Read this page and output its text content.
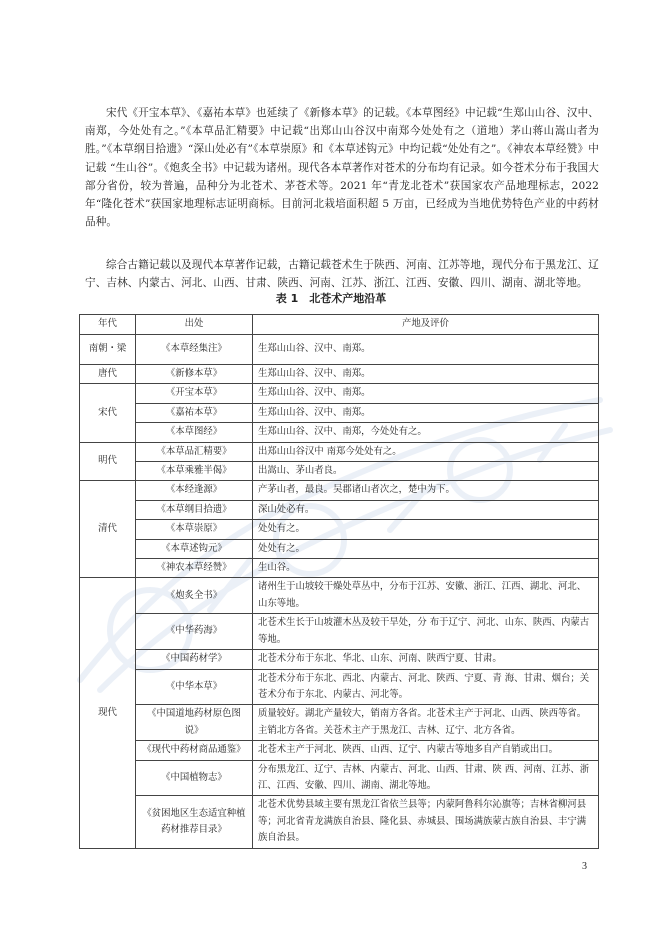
宋代《开宝本草》、《嘉祐本草》也延续了《新修本草》的记载。《本草图经》中记载“生郑山山谷、汉中、南郑，今处处有之。”《本草品汇精要》中记载“出郑山山谷汉中南郑今处处有之（道地）茅山蒋山嵩山者为胜。”《本草纲目拾遗》“深山处必有”《本草崇原》和《本草述钩元》中均记载“处处有之”。《神农本草经赞》中记载 “生山谷”。《炮炙全书》中记载为诸州。现代各本草著作对苍术的分布均有记录。如今苍术分布于我国大部分省份，较为普遍，品种分为北苍术、茅苍术等。2021 年“青龙北苍术”获国家农产品地理标志，2022 年“隆化苍术”获国家地理标志证明商标。目前河北栽培面积超 5 万亩，已经成为当地优势特色产业的中药材品种。

综合古籍记载以及现代本草著作记载，古籍记载苍术生于陕西、河南、江苏等地，现代分布于黑龙江、辽宁、吉林、内蒙古、河北、山西、甘肃、陕西、河南、江苏、浙江、江西、安徽、四川、湖南、湖北等地。

表 1　北苍术产地沿革
年代	出处	产地及评价
南朝・梁	《本草经集注》	生郑山山谷、汉中、南郑。
唐代	《新修本草》	生郑山山谷、汉中、南郑。
宋代	《开宝本草》	生郑山山谷、汉中、南郑。
	《嘉祐本草》	生郑山山谷、汉中、南郑。
	《本草图经》	生郑山山谷、汉中、南郑，今处处有之。
明代	《本草品汇精要》	出郑山山谷汉中 南郑今处处有之。
	《本草乘雅半偈》	出嵩山、茅山者良。
清代	《本经逢源》	产茅山者，最良。吴郡诸山者次之，楚中为下。
	《本草纲目拾遗》	深山处必有。
	《本草崇原》	处处有之。
	《本草述钩元》	处处有之。
	《神农本草经赞》	生山谷。
现代	《炮炙全书》	诸州生于山坡较干燥处草丛中，分布于江苏、安徽、浙江、江西、湖北、河北、山东等地。
	《中华药海》	北苍术生长于山坡灌木丛及较干旱处，分 布于辽宁、河北、山东、陕西、内蒙古等地。
	《中国药材学》	北苍术分布于东北、华北、山东、河南、陕西宁夏、甘肃。
	《中华本草》	北苍术分布于东北、西北、内蒙古、河北、陕西、宁夏、青 海、甘肃、烟台；关苍术分布于东北、内蒙古、河北等。
	《中国道地药材原色图说》	质量较好。湖北产量较大，销南方各省。北苍术主产于河北、山西、陕西等省。主销北方各省。关苍术主产于黑龙江、吉林、辽宁、北方各省。
	《现代中药材商品通鉴》	北苍术主产于河北、陕西、山西、辽宁、内蒙古等地多自产自销或出口。
	《中国植物志》	分布黑龙江、辽宁、吉林、内蒙古、河北、山西、甘肃、陕 西、河南、江苏、浙江、江西、安徽、四川、湖南、湖北等地。
	《贫困地区生态适宜种植药材推荐目录》	北苍术优势县域主要有黑龙江省依兰县等；内蒙阿鲁科尔沁旗等；吉林省柳河县等；河北省青龙满族自治县、隆化县、赤城县、围场满族蒙古族自治县、丰宁满族自治县。
3
